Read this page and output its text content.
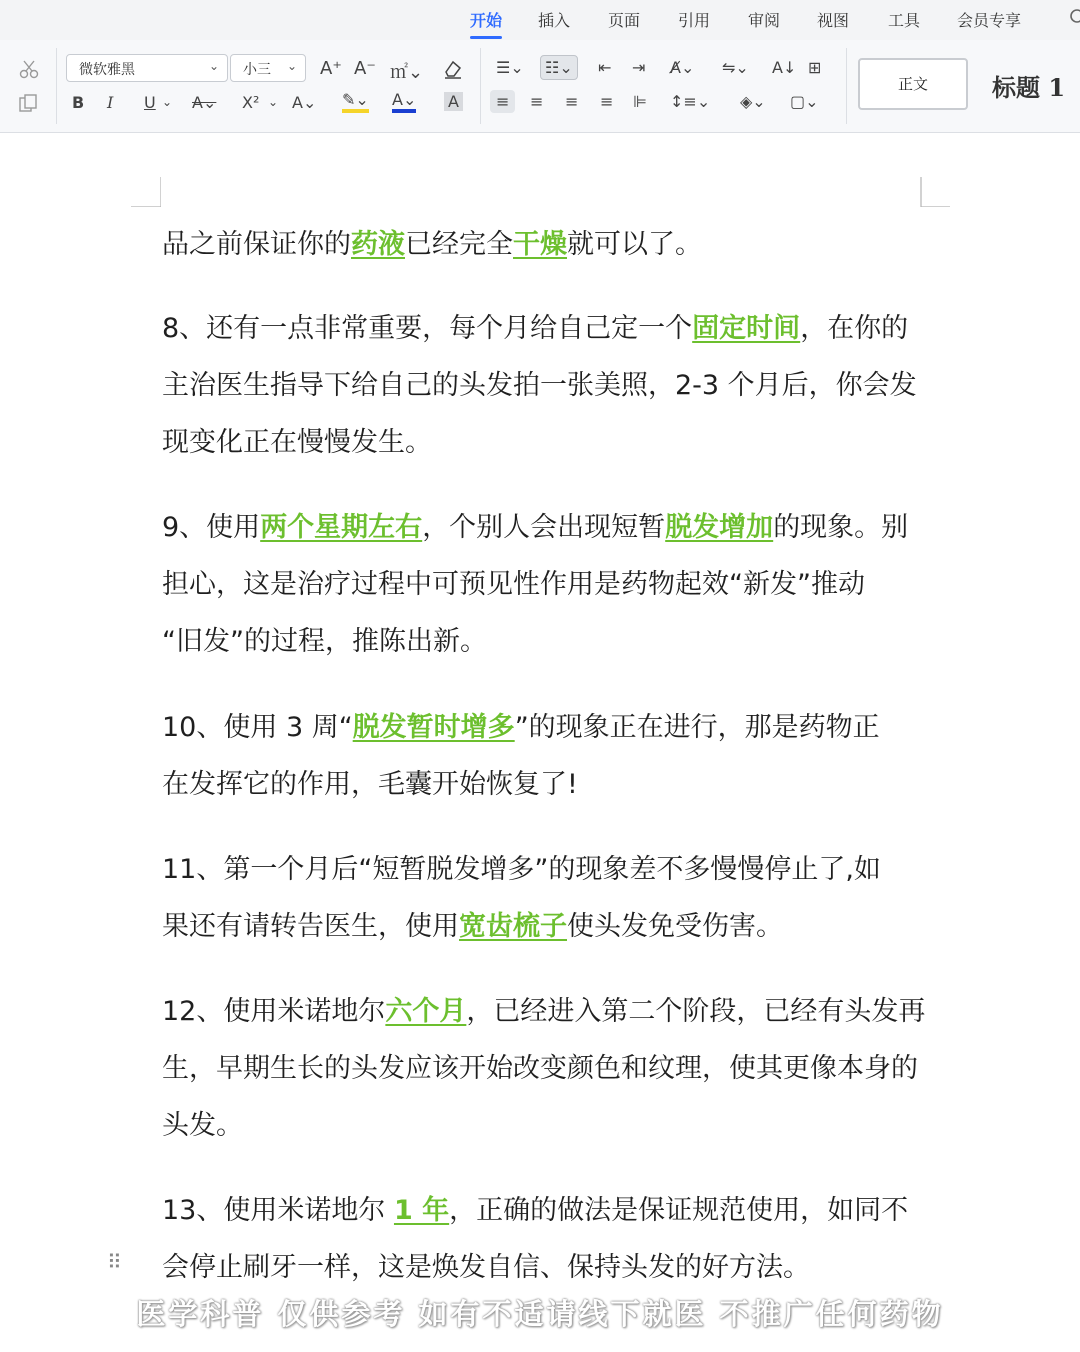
开始 插入 页面 引用 审阅 视图 工具 会员专享
微软雅黑	⌄	小三 ⌄ A⁺ A⁻ ㎡⌄
B I U ⌄ A⌄ X² ⌄ A⌄ ✎⌄ A⌄ A
☰⌄	☷⌄	⇤ ⇥ A̸⌄ ⇋⌄ A↓ ⊞
≡	≡ ≡ ≡ ⊫ ↕≡⌄ ◈⌄ ▢⌄
正文	标题 1
品之前保证你的药液已经完全干燥就可以了。
8、还有一点非常重要，每个月给自己定一个固定时间，在你的
主治医生指导下给自己的头发拍一张美照，2-3 个月后，你会发
现变化正在慢慢发生。
9、使用两个星期左右，个别人会出现短暂脱发增加的现象。别
担心，这是治疗过程中可预见性作用是药物起效“新发”推动
“旧发”的过程，推陈出新。
10、使用 3 周“脱发暂时增多”的现象正在进行，那是药物正
在发挥它的作用，毛囊开始恢复了!
11、第一个月后“短暂脱发增多”的现象差不多慢慢停止了,如
果还有请转告医生，使用宽齿梳子使头发免受伤害。
12、使用米诺地尔六个月，已经进入第二个阶段，已经有头发再
生，早期生长的头发应该开始改变颜色和纹理，使其更像本身的
头发。
13、使用米诺地尔 1 年，正确的做法是保证规范使用，如同不
会停止刷牙一样，这是焕发自信、保持头发的好方法。
⠿
医学科普 仅供参考 如有不适请线下就医 不推广任何药物
